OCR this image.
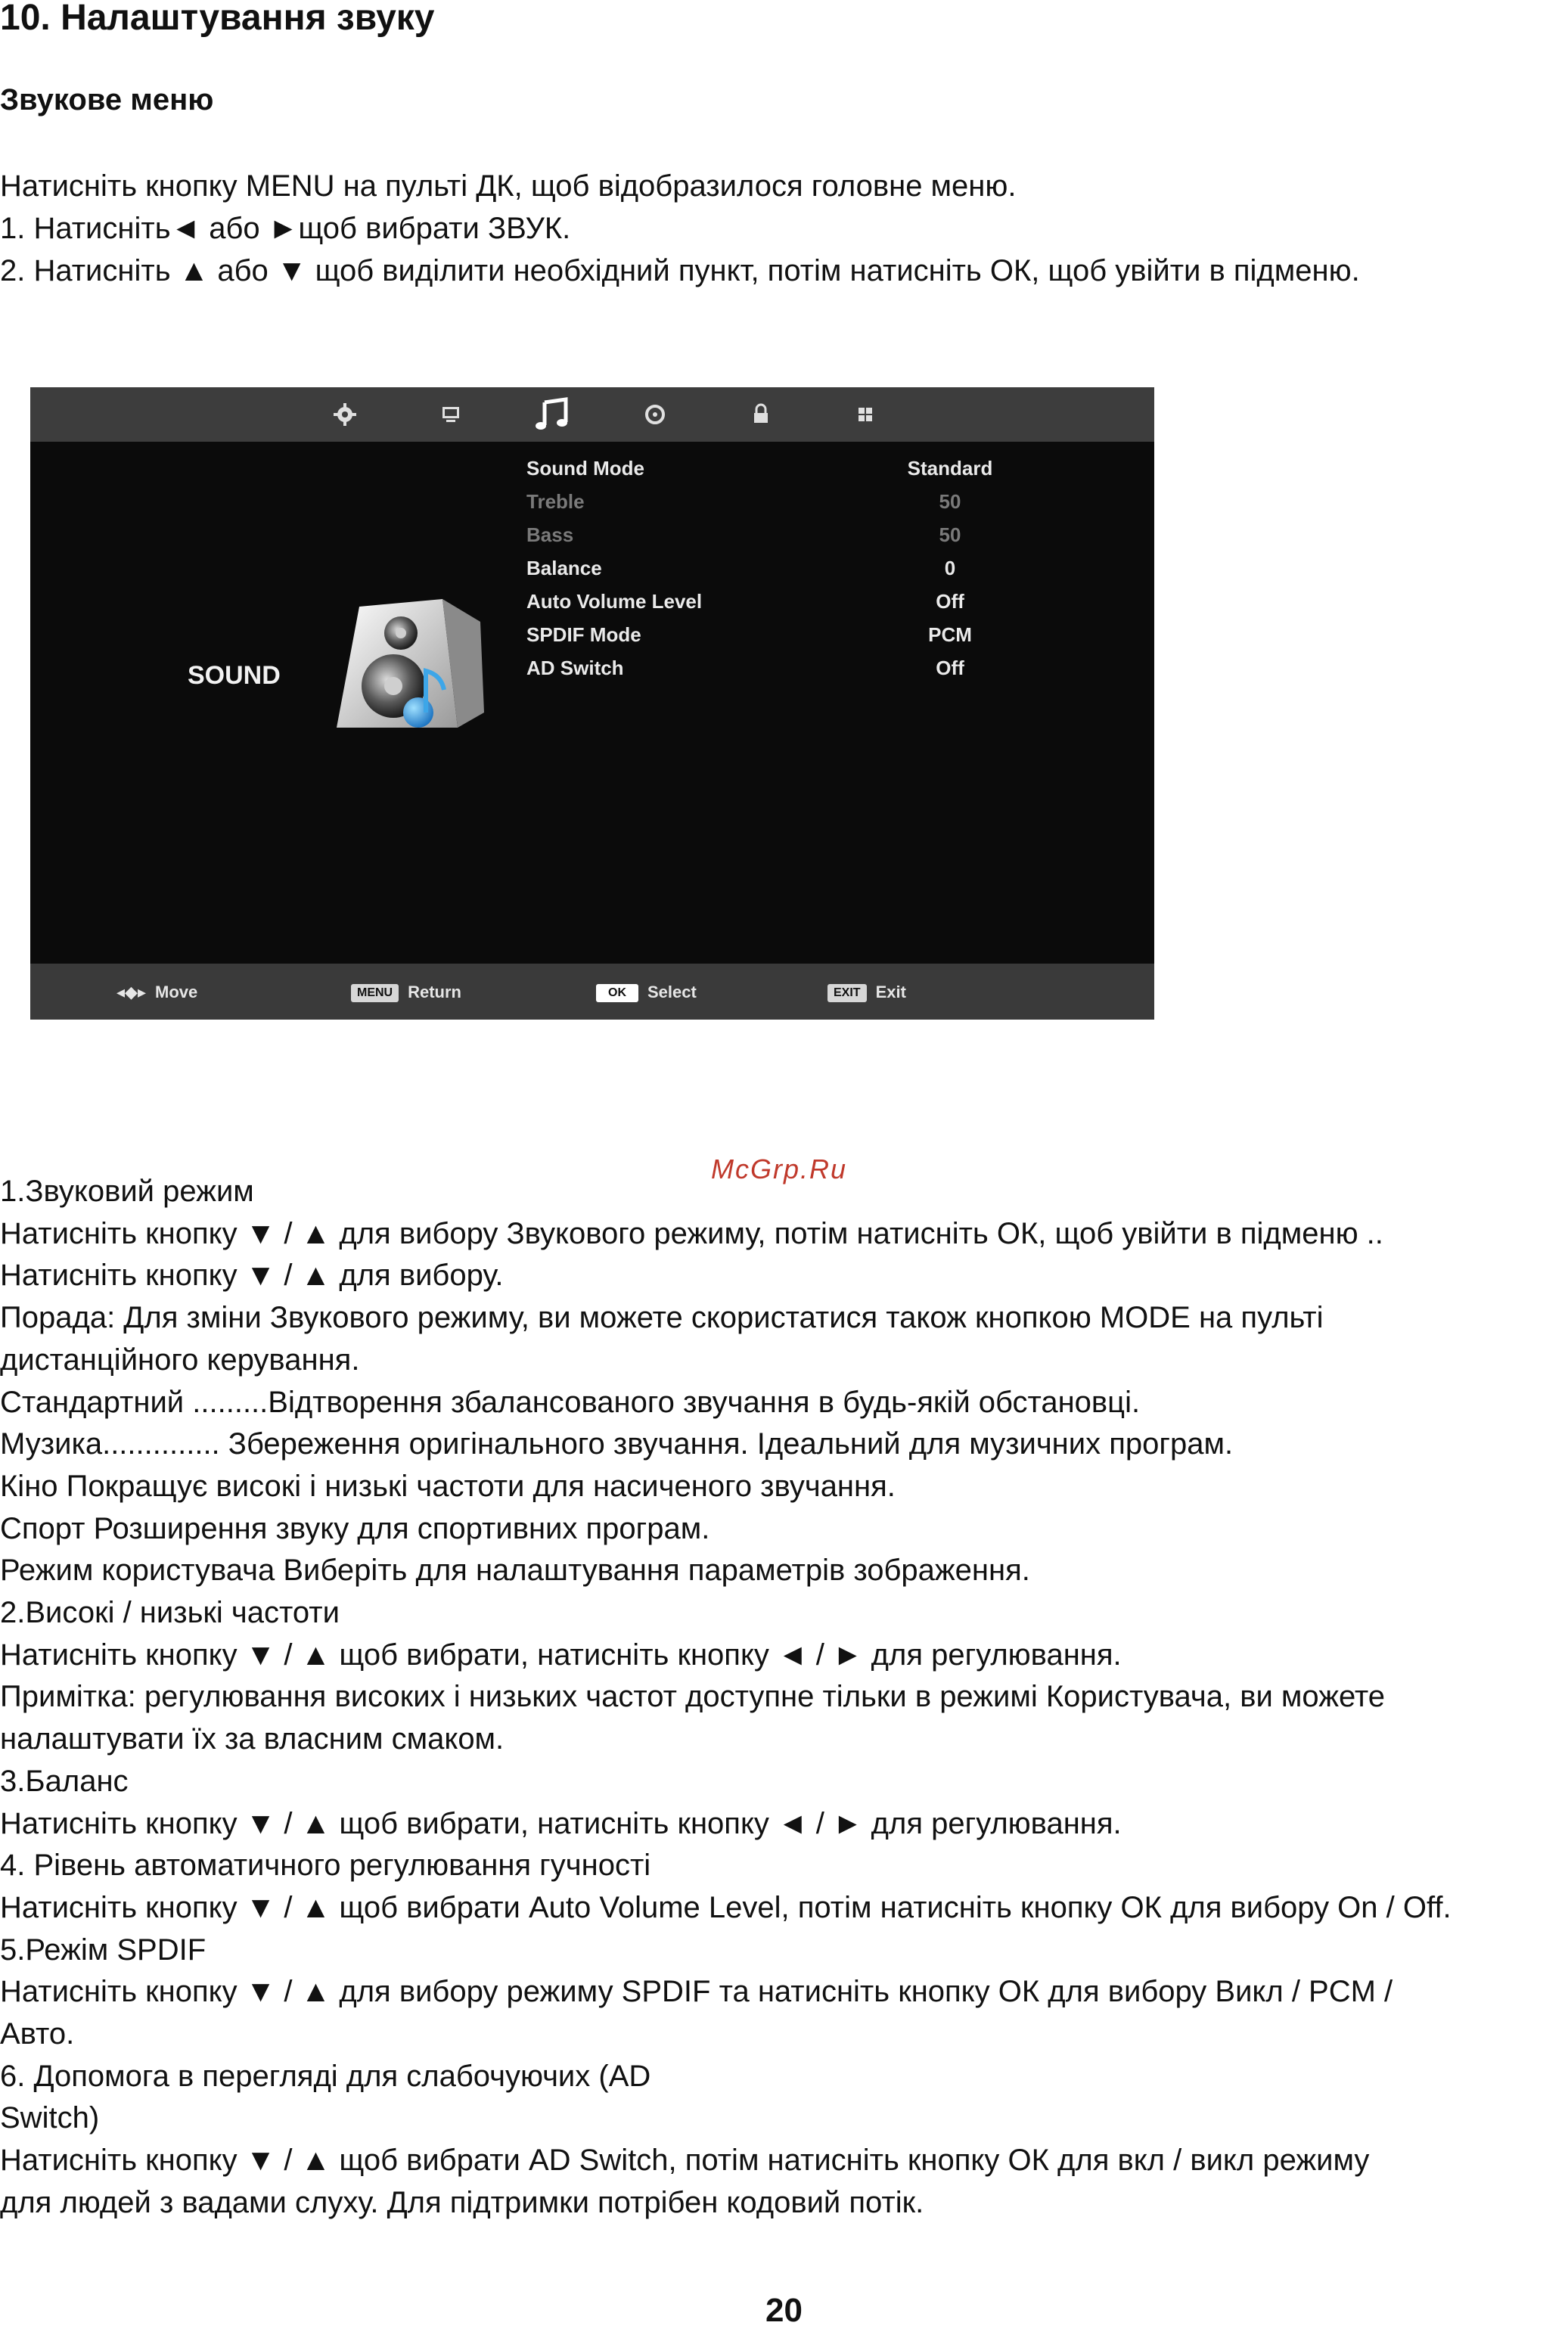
10. Налаштування звуку
Звукове меню
Натисніть кнопку MENU на пульті ДК, щоб відобразилося головне меню.
1. Натисніть◄ або ►щоб вибрати ЗВУК.
2. Натисніть ▲ або ▼ щоб виділити необхідний пункт, потім натисніть ОК, щоб увійти в підменю.
SOUND
Sound Mode	Standard
Treble	50
Bass	50
Balance	0
Auto Volume Level	Off
SPDIF Mode	PCM
AD Switch	Off
◂◆▸ Move	MENU Return	OK Select	EXIT Exit
McGrp.Ru
1.Звуковий режим
Натисніть кнопку ▼ / ▲ для вибору Звукового режиму, потім натисніть ОК, щоб увійти в підменю ..
Натисніть кнопку ▼ / ▲ для вибору.
Порада: Для зміни Звукового режиму, ви можете скористатися також кнопкою MODE на пульті
дистанційного керування.
Стандартний .........Відтворення збалансованого звучання в будь-якій обстановці.
Музика.............. Збереження оригінального звучання. Ідеальний для музичних програм.
Кіно Покращує високі і низькі частоти для насиченого звучання.
Спорт Розширення звуку для спортивних програм.
Режим користувача Виберіть для налаштування параметрів зображення.
2.Високі / низькі частоти
Натисніть кнопку ▼ / ▲ щоб вибрати, натисніть кнопку ◄ / ► для регулювання.
Примітка: регулювання високих і низьких частот доступне тільки в режимі Користувача, ви можете
налаштувати їх за власним смаком.
3.Баланс
Натисніть кнопку ▼ / ▲ щоб вибрати, натисніть кнопку ◄ / ► для регулювання.
4. Рівень автоматичного регулювання гучності
Натисніть кнопку ▼ / ▲ щоб вибрати Auto Volume Level, потім натисніть кнопку ОК для вибору On / Off.
5.Режім SPDIF
Натисніть кнопку ▼ / ▲ для вибору режиму SPDIF та натисніть кнопку ОК для вибору Викл / PCM /
Авто.
6. Допомога в перегляді для слабочуючих (AD
Switch)
Натисніть кнопку ▼ / ▲ щоб вибрати AD Switch, потім натисніть кнопку ОК для вкл / викл режиму
для людей з вадами слуху. Для підтримки потрібен кодовий потік.
20
